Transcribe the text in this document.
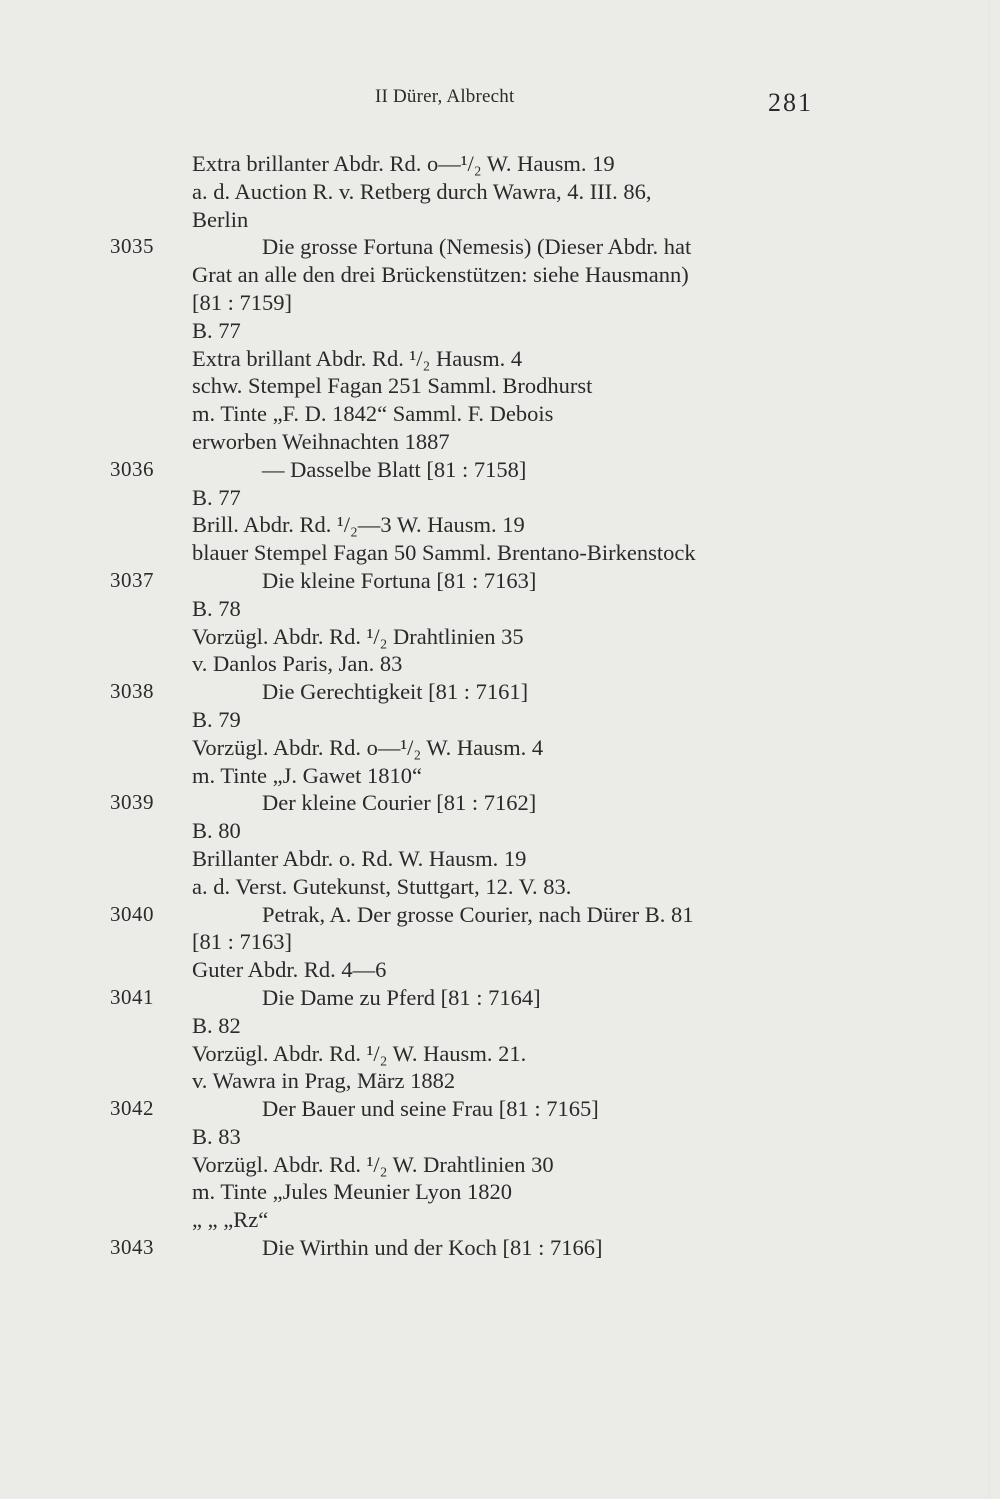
II Dürer, Albrecht	281
Extra brillanter Abdr. Rd. o—¹/₂ W. Hausm. 19
a. d. Auction R. v. Retberg durch Wawra, 4. III. 86,
Berlin
3035	Die grosse Fortuna (Nemesis) (Dieser Abdr. hat
Grat an alle den drei Brückenstützen: siehe Hausmann)
[81 : 7159]
B. 77
Extra brillant Abdr. Rd. ¹/₂ Hausm. 4
schw. Stempel Fagan 251 Samml. Brodhurst
m. Tinte „F. D. 1842“ Samml. F. Debois
erworben Weihnachten 1887
3036	— Dasselbe Blatt [81 : 7158]
B. 77
Brill. Abdr. Rd. ¹/₂—3 W. Hausm. 19
blauer Stempel Fagan 50 Samml. Brentano-Birkenstock
3037	Die kleine Fortuna [81 : 7163]
B. 78
Vorzügl. Abdr. Rd. ¹/₂ Drahtlinien 35
v. Danlos Paris, Jan. 83
3038	Die Gerechtigkeit [81 : 7161]
B. 79
Vorzügl. Abdr. Rd. o—¹/₂ W. Hausm. 4
m. Tinte „J. Gawet 1810“
3039	Der kleine Courier [81 : 7162]
B. 80
Brillanter Abdr. o. Rd. W. Hausm. 19
a. d. Verst. Gutekunst, Stuttgart, 12. V. 83.
3040	Petrak, A. Der grosse Courier, nach Dürer B. 81
[81 : 7163]
Guter Abdr. Rd. 4—6
3041	Die Dame zu Pferd [81 : 7164]
B. 82
Vorzügl. Abdr. Rd. ¹/₂ W. Hausm. 21.
v. Wawra in Prag, März 1882
3042	Der Bauer und seine Frau [81 : 7165]
B. 83
Vorzügl. Abdr. Rd. ¹/₂ W. Drahtlinien 30
m. Tinte „Jules Meunier Lyon 1820
„ „ „Rz“
3043	Die Wirthin und der Koch [81 : 7166]
